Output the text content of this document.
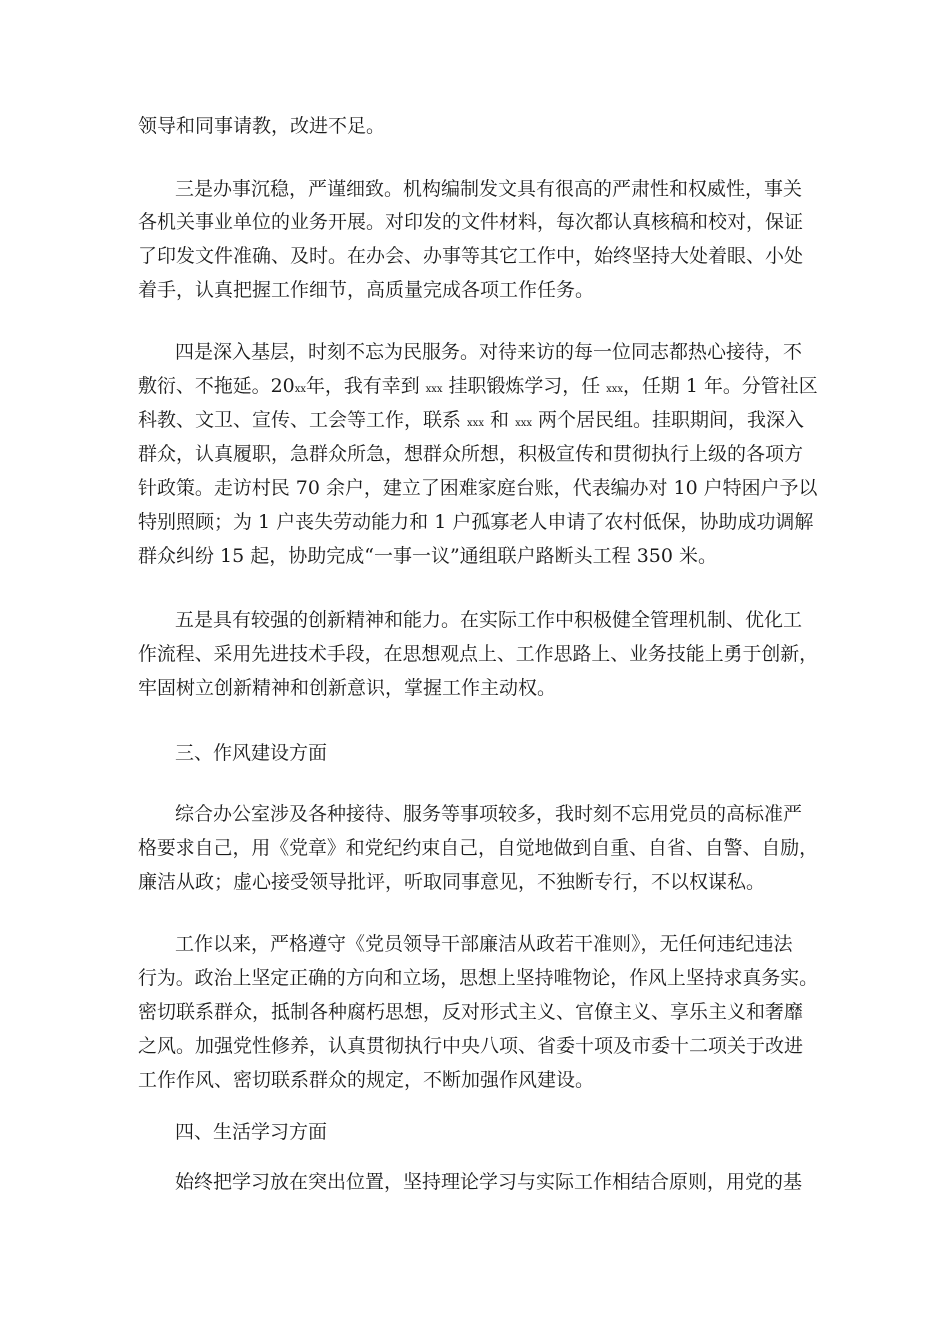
领导和同事请教，改进不足。
三是办事沉稳，严谨细致。机构编制发文具有很高的严肃性和权威性，事关
各机关事业单位的业务开展。对印发的文件材料，每次都认真核稿和校对，保证
了印发文件准确、及时。在办会、办事等其它工作中，始终坚持大处着眼、小处
着手，认真把握工作细节，高质量完成各项工作任务。
四是深入基层，时刻不忘为民服务。对待来访的每一位同志都热心接待，不
敷衍、不拖延。20xx年，我有幸到 xxx 挂职锻炼学习，任 xxx，任期 1 年。分管社区
科教、文卫、宣传、工会等工作，联系 xxx 和 xxx 两个居民组。挂职期间，我深入
群众，认真履职，急群众所急，想群众所想，积极宣传和贯彻执行上级的各项方
针政策。走访村民 70 余户，建立了困难家庭台账，代表编办对 10 户特困户予以
特别照顾；为 1 户丧失劳动能力和 1 户孤寡老人申请了农村低保，协助成功调解
群众纠纷 15 起，协助完成“一事一议”通组联户路断头工程 350 米。
五是具有较强的创新精神和能力。在实际工作中积极健全管理机制、优化工
作流程、采用先进技术手段，在思想观点上、工作思路上、业务技能上勇于创新，
牢固树立创新精神和创新意识，掌握工作主动权。
三、作风建设方面
综合办公室涉及各种接待、服务等事项较多，我时刻不忘用党员的高标准严
格要求自己，用《党章》和党纪约束自己，自觉地做到自重、自省、自警、自励，
廉洁从政；虚心接受领导批评，听取同事意见，不独断专行，不以权谋私。
工作以来，严格遵守《党员领导干部廉洁从政若干准则》，无任何违纪违法
行为。政治上坚定正确的方向和立场，思想上坚持唯物论，作风上坚持求真务实。
密切联系群众，抵制各种腐朽思想，反对形式主义、官僚主义、享乐主义和奢靡
之风。加强党性修养，认真贯彻执行中央八项、省委十项及市委十二项关于改进
工作作风、密切联系群众的规定，不断加强作风建设。
四、生活学习方面
始终把学习放在突出位置，坚持理论学习与实际工作相结合原则，用党的基
